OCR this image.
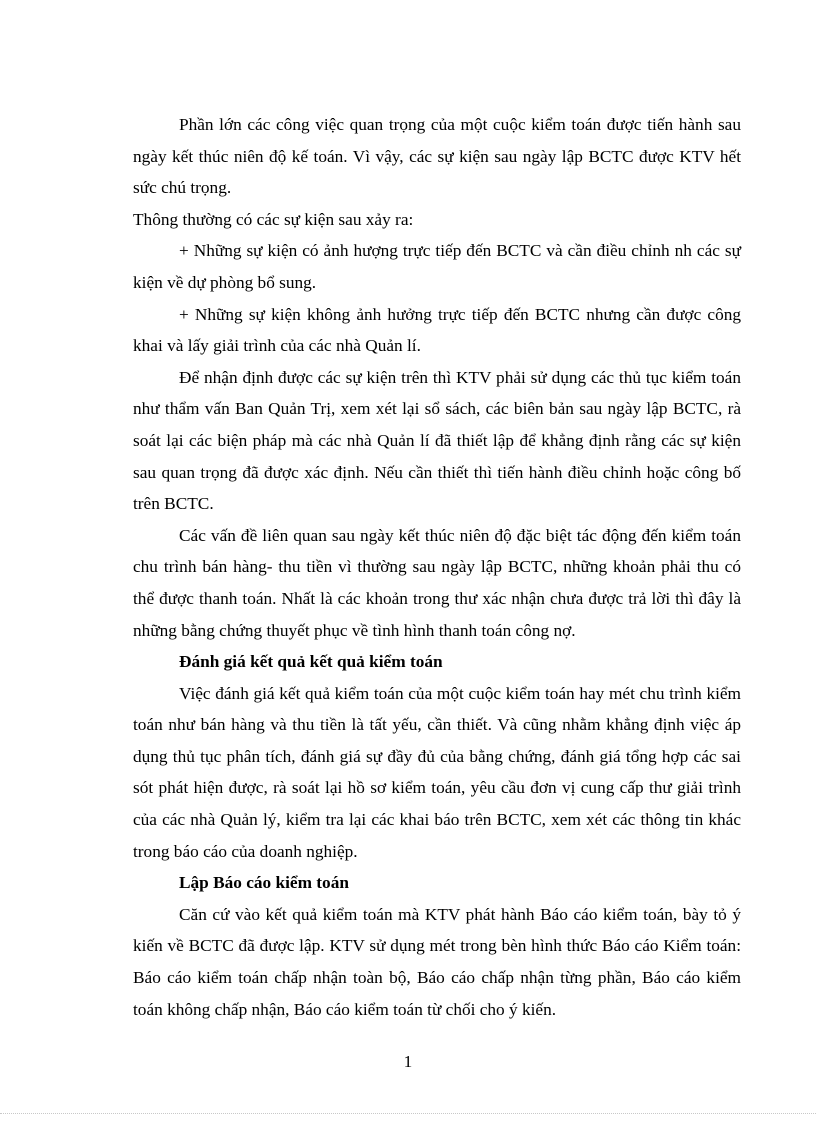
Phần lớn các công việc quan trọng của một cuộc kiểm toán được tiến hành sau ngày kết thúc niên độ kế toán. Vì vậy, các sự kiện sau ngày lập BCTC được KTV hết sức chú trọng.

Thông thường có các sự kiện sau xảy ra:

+ Những sự kiện có ảnh hượng trực tiếp đến BCTC và cần điều chỉnh nh các sự kiện về dự phòng bổ sung.

+ Những sự kiện không ảnh hưởng trực tiếp đến BCTC nhưng cần được công khai và lấy giải trình của các nhà Quản lí.

Để nhận định được các sự kiện trên thì KTV phải sử dụng các thủ tục kiểm toán như thẩm vấn Ban Quản Trị, xem xét lại sổ sách, các biên bản sau ngày lập BCTC, rà soát lại các biện pháp mà các nhà Quản lí đã thiết lập để khẳng định rằng các sự kiện sau quan trọng đã được xác định. Nếu cần thiết thì tiến hành điều chỉnh hoặc công bố trên BCTC.

Các vấn đề liên quan sau ngày kết thúc niên độ đặc biệt tác động đến kiểm toán chu trình bán hàng- thu tiền vì thường sau ngày lập BCTC, những khoản phải thu có thể được thanh toán. Nhất là các khoản trong thư xác nhận chưa được trả lời thì đây là những bằng chứng thuyết phục về tình hình thanh toán công nợ.

Đánh giá kết quả kết quả kiểm toán

Việc đánh giá kết quả kiểm toán của một cuộc kiểm toán hay mét chu trình kiểm toán như bán hàng và thu tiền là tất yếu, cần thiết. Và cũng nhằm khẳng định việc áp dụng thủ tục phân tích, đánh giá sự đầy đủ của bằng chứng, đánh giá tổng hợp các sai sót phát hiện được, rà soát lại hồ sơ kiểm toán, yêu cầu đơn vị cung cấp thư giải trình của các nhà Quản lý, kiểm tra lại các khai báo trên BCTC, xem xét các thông tin khác trong báo cáo của doanh nghiệp.

Lập Báo cáo kiểm toán

Căn cứ vào kết quả kiểm toán mà KTV phát hành Báo cáo kiểm toán, bày tỏ ý kiến về BCTC đã được lập. KTV sử dụng mét trong bèn hình thức Báo cáo Kiểm toán: Báo cáo kiểm toán chấp nhận toàn bộ, Báo cáo chấp nhận từng phần, Báo cáo kiểm toán không chấp nhận, Báo cáo kiểm toán từ chối cho ý kiến.

1
